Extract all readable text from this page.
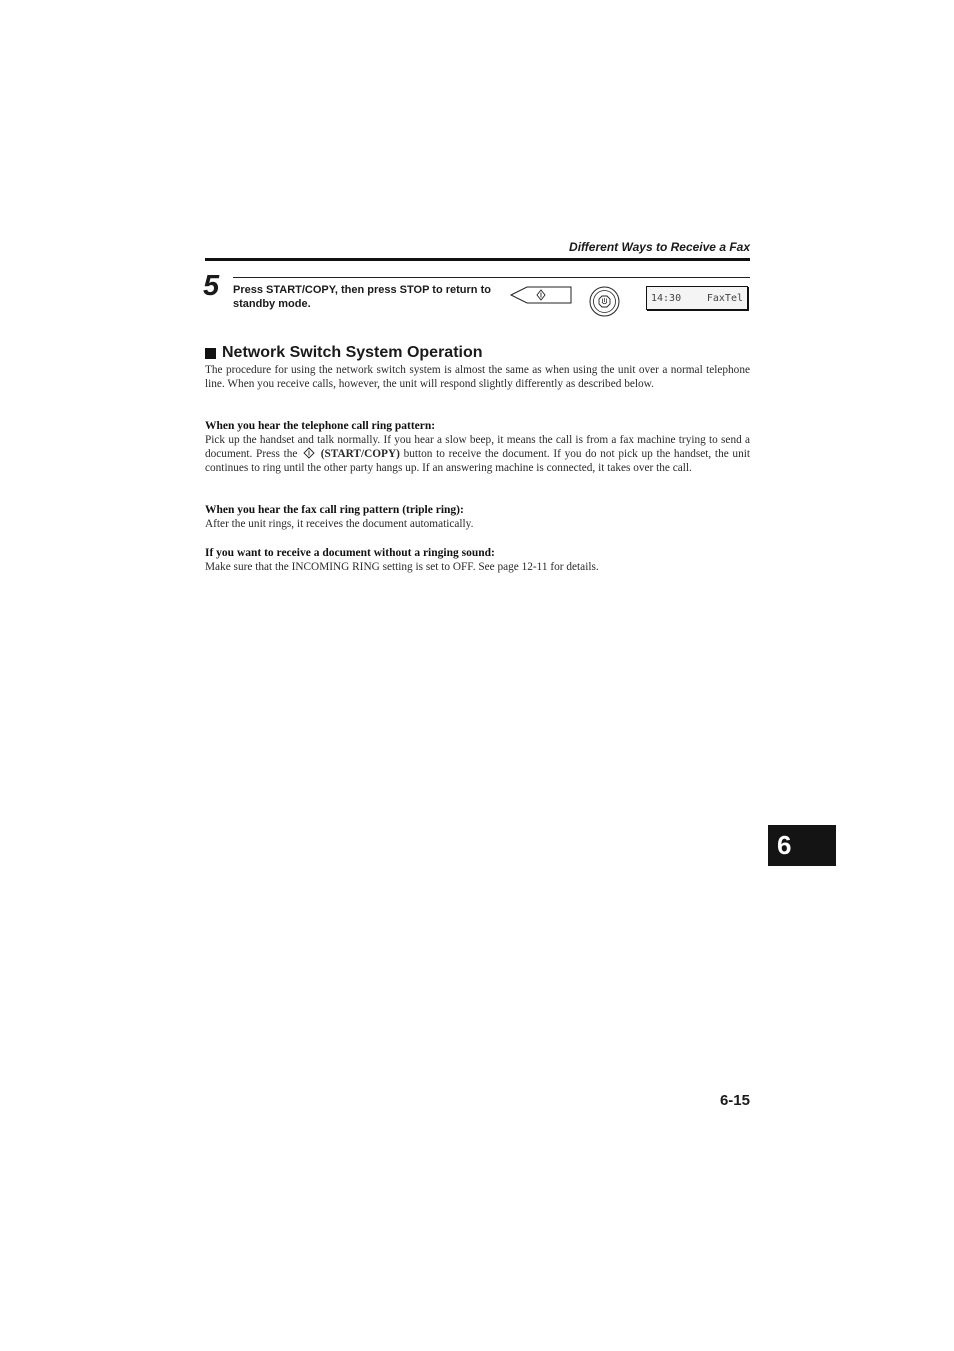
Different Ways to Receive a Fax
5 Press START/COPY, then press STOP to return to standby mode.	14:30	FaxTel
Network Switch System Operation
The procedure for using the network switch system is almost the same as when using the unit over a normal telephone line. When you receive calls, however, the unit will respond slightly differently as described below.
When you hear the telephone call ring pattern:
Pick up the handset and talk normally. If you hear a slow beep, it means the call is from a fax machine trying to send a document. Press the (START/COPY) button to receive the document. If you do not pick up the handset, the unit continues to ring until the other party hangs up. If an answering machine is connected, it takes over the call.
When you hear the fax call ring pattern (triple ring):
After the unit rings, it receives the document automatically.
If you want to receive a document without a ringing sound:
Make sure that the INCOMING RING setting is set to OFF. See page 12-11 for details.
6
6-15
